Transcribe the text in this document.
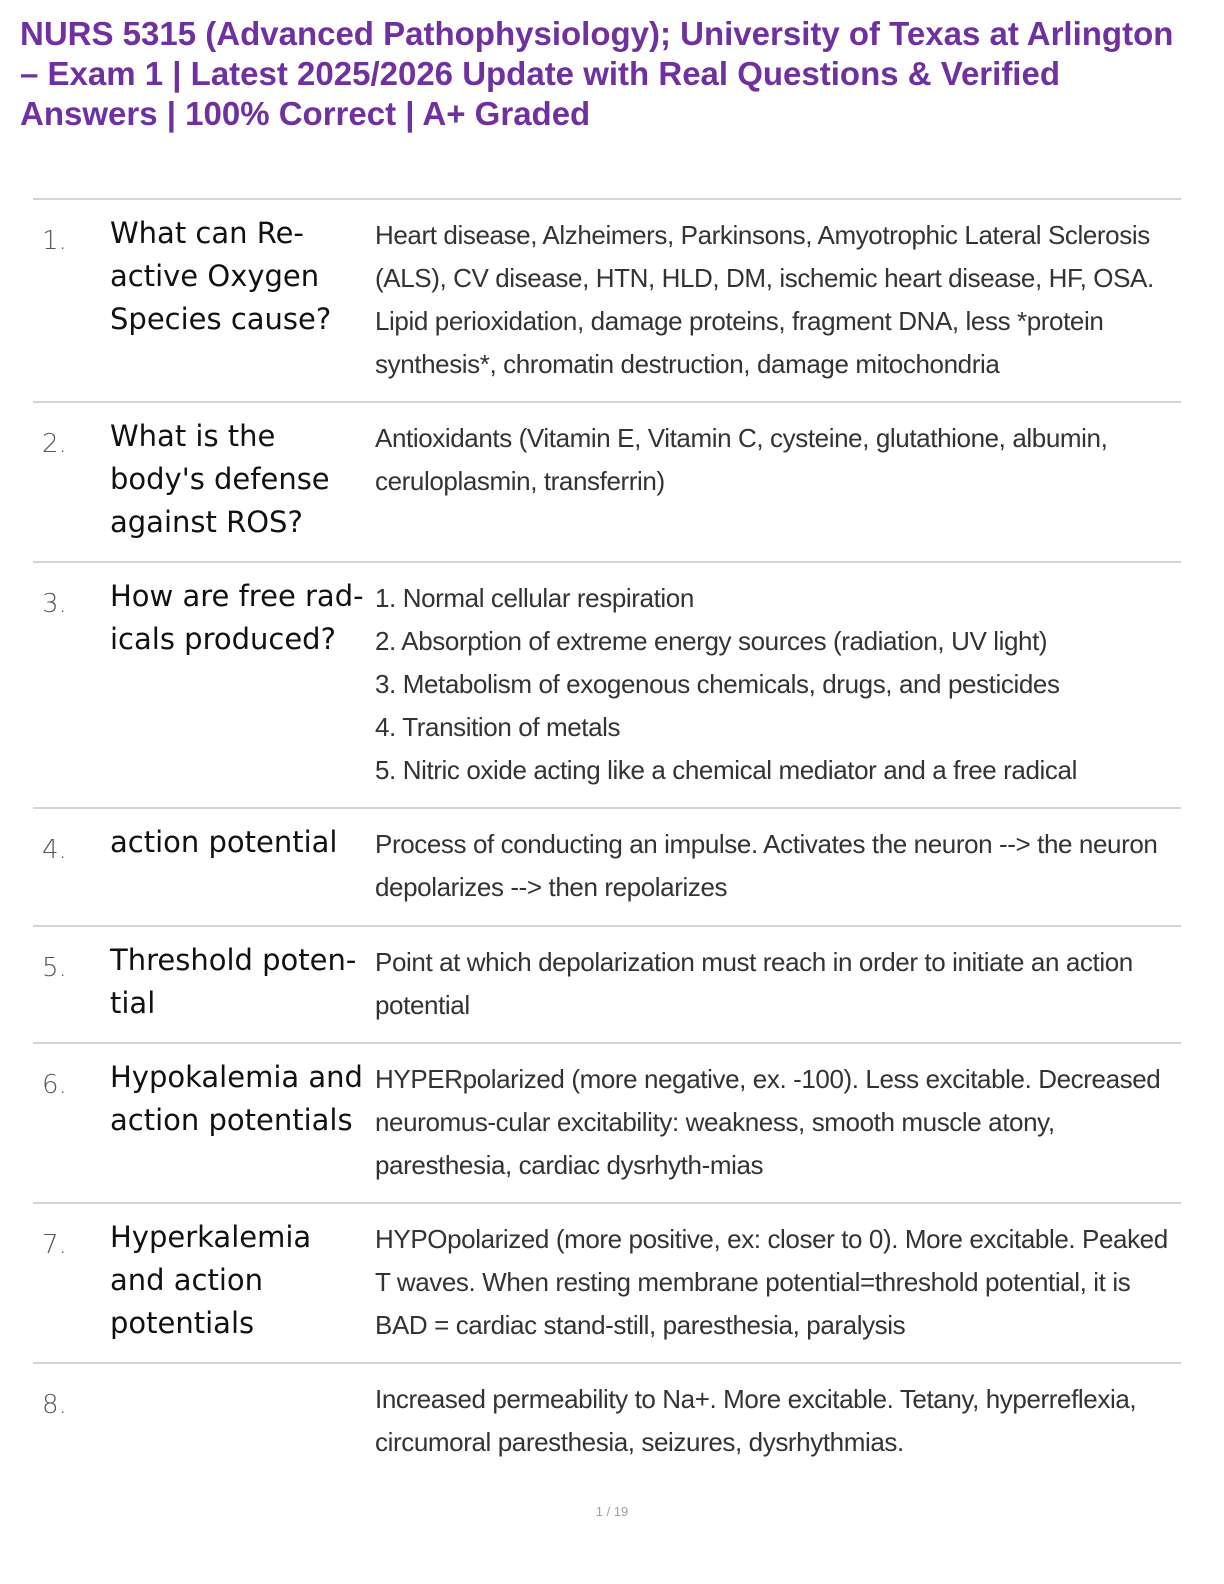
NURS 5315 (Advanced Pathophysiology); University of Texas at Arlington – Exam 1 | Latest 2025/2026 Update with Real Questions & Verified Answers | 100% Correct | A+ Graded
1. What can Re-active Oxygen Species cause?
Heart disease, Alzheimers, Parkinsons, Amyotrophic Lateral Sclerosis (ALS), CV disease, HTN, HLD, DM, ischemic heart disease, HF, OSA. Lipid perioxidation, damage proteins, fragment DNA, less *protein synthesis*, chromatin destruction, damage mitochondria
2. What is the body's defense against ROS?
Antioxidants (Vitamin E, Vitamin C, cysteine, glutathione, albumin, ceruloplasmin, transferrin)
3. How are free rad-icals produced?
1. Normal cellular respiration
2. Absorption of extreme energy sources (radiation, UV light)
3. Metabolism of exogenous chemicals, drugs, and pesticides
4. Transition of metals
5. Nitric oxide acting like a chemical mediator and a free radical
4. action potential	Process of conducting an impulse. Activates the neuron --> the neuron depolarizes --> then repolarizes
5. Threshold poten-tial
Point at which depolarization must reach in order to initiate an action potential
6. Hypokalemia and action potentials
HYPERpolarized (more negative, ex. -100). Less excitable. Decreased neuromus-cular excitability: weakness, smooth muscle atony, paresthesia, cardiac dysrhyth-mias
7. Hyperkalemia and action potentials
HYPOpolarized (more positive, ex: closer to 0). More excitable. Peaked T waves. When resting membrane potential=threshold potential, it is BAD = cardiac stand-still, paresthesia, paralysis
8.	Increased permeability to Na+. More excitable. Tetany, hyperreflexia, circumoral paresthesia, seizures, dysrhythmias.
1 / 19
